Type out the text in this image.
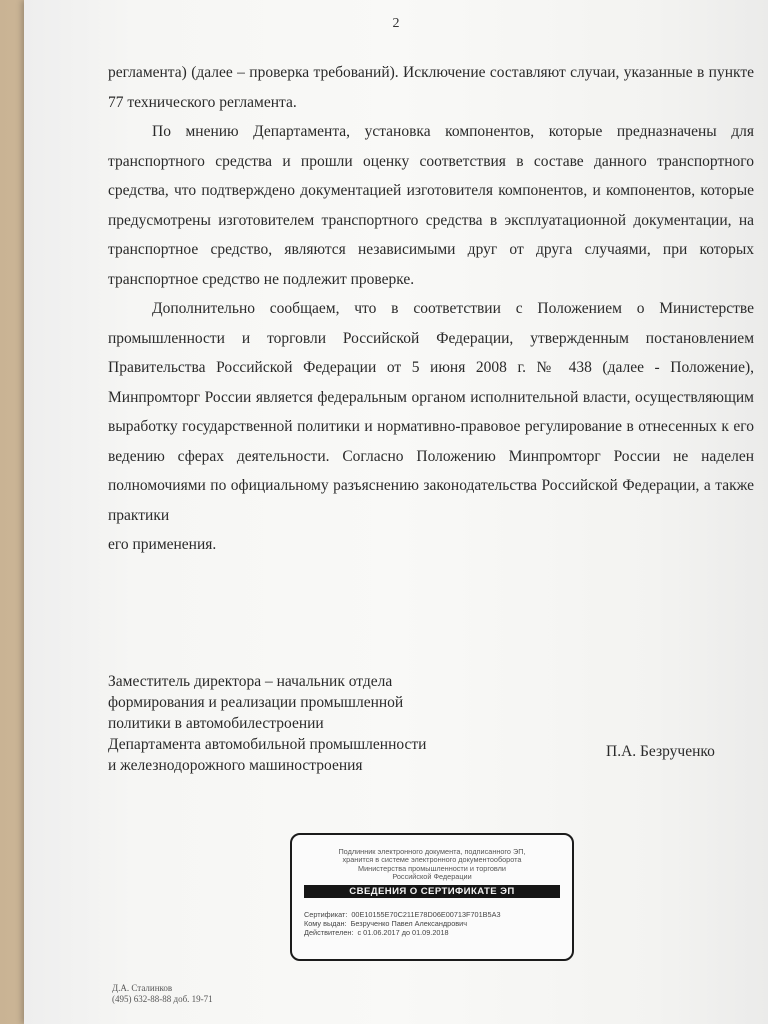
2

регламента) (далее – проверка требований). Исключение составляют случаи, указанные в пункте 77 технического регламента.

По мнению Департамента, установка компонентов, которые предназначены для транспортного средства и прошли оценку соответствия в составе данного транспортного средства, что подтверждено документацией изготовителя компонентов, и компонентов, которые предусмотрены изготовителем транспортного средства в эксплуатационной документации, на транспортное средство, являются независимыми друг от друга случаями, при которых транспортное средство не подлежит проверке.

Дополнительно сообщаем, что в соответствии с Положением о Министерстве промышленности и торговли Российской Федерации, утвержденным постановлением Правительства Российской Федерации от 5 июня 2008 г. № 438 (далее - Положение), Минпромторг России является федеральным органом исполнительной власти, осуществляющим выработку государственной политики и нормативно-правовое регулирование в отнесенных к его ведению сферах деятельности. Согласно Положению Минпромторг России не наделен полномочиями по официальному разъяснению законодательства Российской Федерации, а также практики

его применения.

Заместитель директора – начальник отдела
формирования и реализации промышленной
политики в автомобилестроении
Департамента автомобильной промышленности
и железнодорожного машиностроения
П.А. Безрученко
Подлинник электронного документа, подписанного ЭП,
хранится в системе электронного документооборота
Министерства промышленности и торговли
Российской Федерации
СВЕДЕНИЯ О СЕРТИФИКАТЕ ЭП
Сертификат: 00E10155E70C211E78D06E00713F701B5A3
Кому выдан: Безрученко Павел Александрович
Действителен: с 01.06.2017 до 01.09.2018
Д.А. Сталинков
(495) 632-88-88 доб. 19-71
